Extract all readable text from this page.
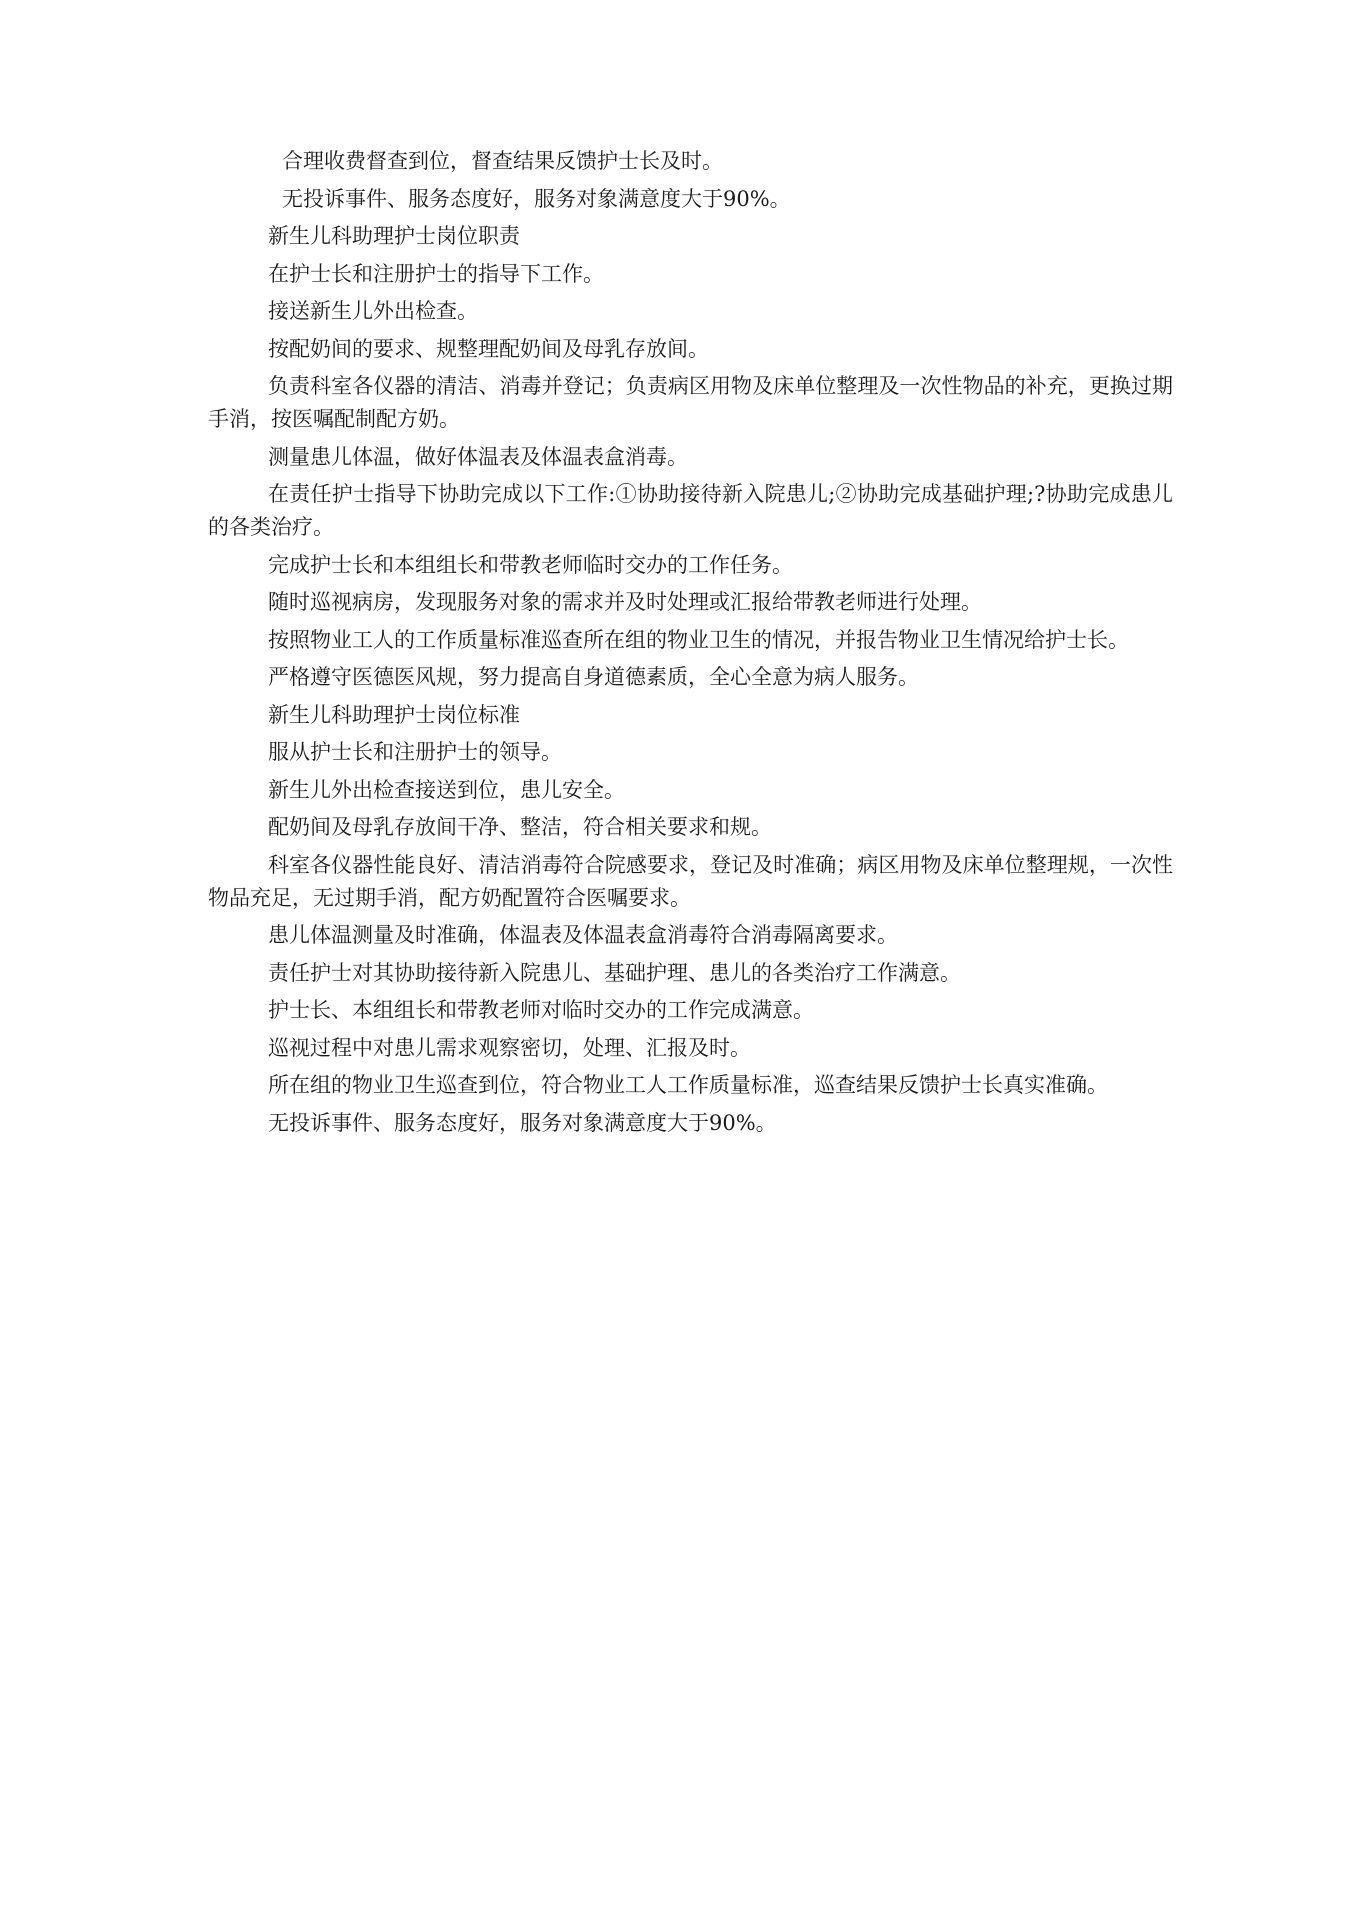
合理收费督查到位，督查结果反馈护士长及时。

无投诉事件、服务态度好，服务对象满意度大于90%。

新生儿科助理护士岗位职责

在护士长和注册护士的指导下工作。

接送新生儿外出检查。

按配奶间的要求、规整理配奶间及母乳存放间。

负责科室各仪器的清洁、消毒并登记；负责病区用物及床单位整理及一次性物品的补充，更换过期手消，按医嘱配制配方奶。

测量患儿体温，做好体温表及体温表盒消毒。

在责任护士指导下协助完成以下工作:①协助接待新入院患儿;②协助完成基础护理;?协助完成患儿的各类治疗。

完成护士长和本组组长和带教老师临时交办的工作任务。

随时巡视病房，发现服务对象的需求并及时处理或汇报给带教老师进行处理。

按照物业工人的工作质量标准巡查所在组的物业卫生的情况，并报告物业卫生情况给护士长。

严格遵守医德医风规，努力提高自身道德素质，全心全意为病人服务。

新生儿科助理护士岗位标准

服从护士长和注册护士的领导。

新生儿外出检查接送到位，患儿安全。

配奶间及母乳存放间干净、整洁，符合相关要求和规。

科室各仪器性能良好、清洁消毒符合院感要求，登记及时准确；病区用物及床单位整理规，一次性物品充足，无过期手消，配方奶配置符合医嘱要求。

患儿体温测量及时准确，体温表及体温表盒消毒符合消毒隔离要求。

责任护士对其协助接待新入院患儿、基础护理、患儿的各类治疗工作满意。

护士长、本组组长和带教老师对临时交办的工作完成满意。

巡视过程中对患儿需求观察密切，处理、汇报及时。

所在组的物业卫生巡查到位，符合物业工人工作质量标准，巡查结果反馈护士长真实准确。

无投诉事件、服务态度好，服务对象满意度大于90%。
